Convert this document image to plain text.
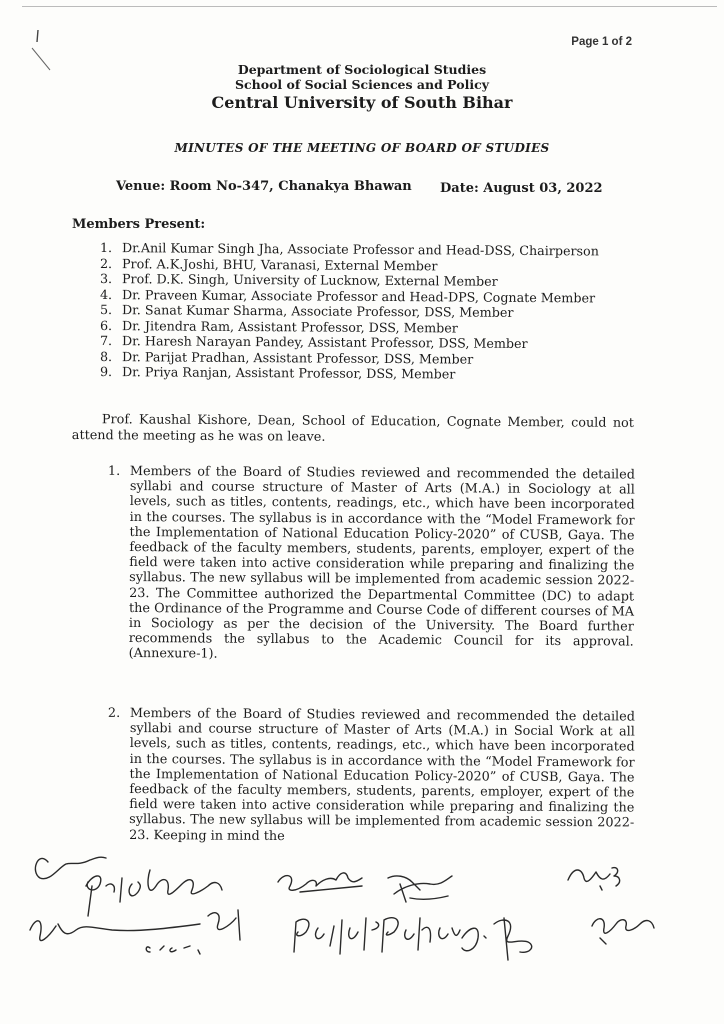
Page 1 of 2
Department of Sociological Studies
School of Social Sciences and Policy
Central University of South Bihar
MINUTES OF THE MEETING OF BOARD OF STUDIES
Venue: Room No-347, Chanakya Bhawan Date: August 03, 2022
Members Present:
1. Dr.Anil Kumar Singh Jha, Associate Professor and Head-DSS, Chairperson
2. Prof. A.K.Joshi, BHU, Varanasi, External Member
3. Prof. D.K. Singh, University of Lucknow, External Member
4. Dr. Praveen Kumar, Associate Professor and Head-DPS, Cognate Member
5. Dr. Sanat Kumar Sharma, Associate Professor, DSS, Member
6. Dr. Jitendra Ram, Assistant Professor, DSS, Member
7. Dr. Haresh Narayan Pandey, Assistant Professor, DSS, Member
8. Dr. Parijat Pradhan, Assistant Professor, DSS, Member
9. Dr. Priya Ranjan, Assistant Professor, DSS, Member
Prof. Kaushal Kishore, Dean, School of Education, Cognate Member, could not attend the meeting as he was on leave.
1. Members of the Board of Studies reviewed and recommended the detailed syllabi and course structure of Master of Arts (M.A.) in Sociology at all levels, such as titles, contents, readings, etc., which have been incorporated in the courses. The syllabus is in accordance with the “Model Framework for the Implementation of National Education Policy-2020” of CUSB, Gaya. The feedback of the faculty members, students, parents, employer, expert of the field were taken into active consideration while preparing and finalizing the syllabus. The new syllabus will be implemented from academic session 2022-23. The Committee authorized the Departmental Committee (DC) to adapt the Ordinance of the Programme and Course Code of different courses of MA in Sociology as per the decision of the University. The Board further recommends the syllabus to the Academic Council for its approval. (Annexure-1).
2. Members of the Board of Studies reviewed and recommended the detailed syllabi and course structure of Master of Arts (M.A.) in Social Work at all levels, such as titles, contents, readings, etc., which have been incorporated in the courses. The syllabus is in accordance with the “Model Framework for the Implementation of National Education Policy-2020” of CUSB, Gaya. The feedback of the faculty members, students, parents, employer, expert of the field were taken into active consideration while preparing and finalizing the syllabus. The new syllabus will be implemented from academic session 2022-23. Keeping in mind the
